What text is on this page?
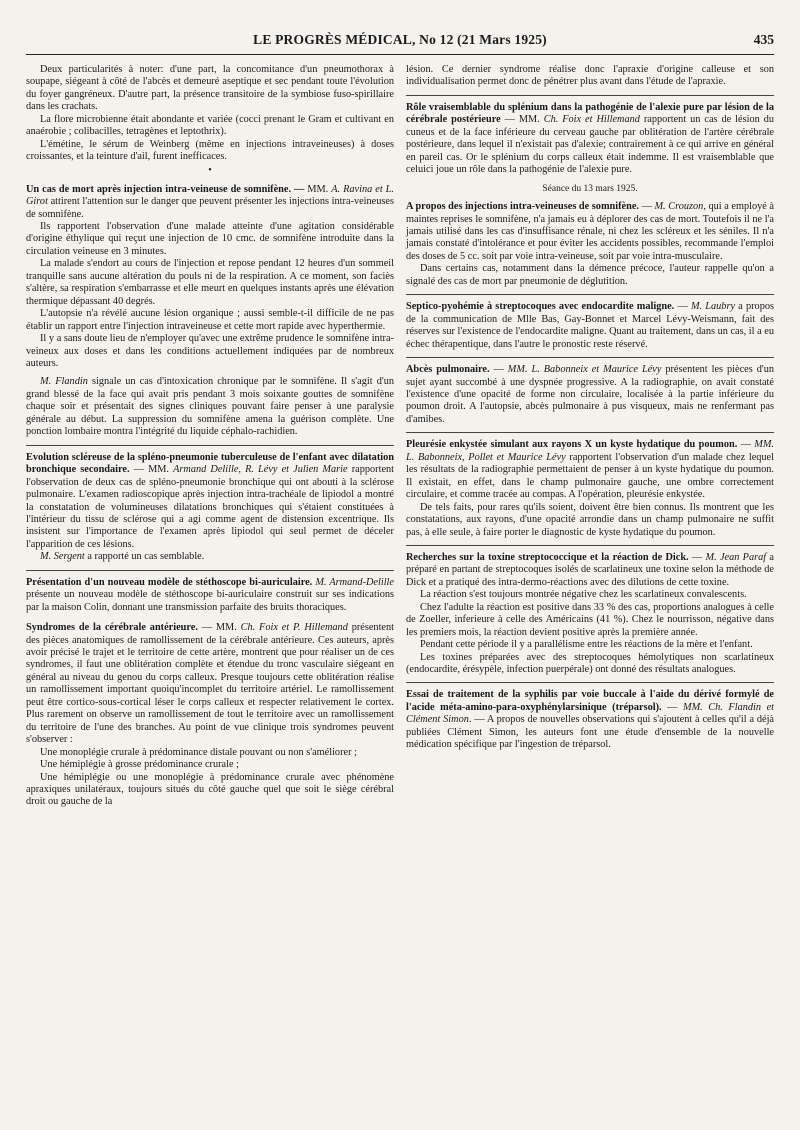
LE PROGRÈS MÉDICAL, No 12 (21 Mars 1925)	435

Deux particularités à noter: d'une part, la concomitance d'un pneumothorax à soupape, siégeant à côté de l'abcès et demeuré aseptique et sec pendant toute l'évolution du foyer gangréneux. D'autre part, la présence transitoire de la symbiose fuso-spirillaire dans les crachats.

La flore microbienne était abondante et variée (cocci prenant le Gram et cultivant en anaérobie ; colibacilles, tetragènes et leptothrix).

L'émétine, le sérum de Weinberg (même en injections intraveineuses) à doses croissantes, et la teinture d'ail, furent inefficaces.

•

Un cas de mort après injection intra-veineuse de somnifène. — MM. A. Ravina et L. Girot attirent l'attention sur le danger que peuvent présenter les injections intra-veineuses de somnifène.

Ils rapportent l'observation d'une malade atteinte d'une agitation considérable d'origine éthylique qui reçut une injection de 10 cmc. de somnifène introduite dans la circulation veineuse en 3 minutes.

La malade s'endort au cours de l'injection et repose pendant 12 heures d'un sommeil tranquille sans aucune altération du pouls ni de la respiration. A ce moment, son faciès s'altère, sa respiration s'embarrasse et elle meurt en quelques instants après une élévation thermique dépassant 40 degrés.

L'autopsie n'a révélé aucune lésion organique ; aussi semble-t-il difficile de ne pas établir un rapport entre l'injection intraveineuse et cette mort rapide avec hyperthermie.

Il y a sans doute lieu de n'employer qu'avec une extrême prudence le somnifène intra-veineux aux doses et dans les conditions actuellement indiquées par de nombreux auteurs.

M. Flandin signale un cas d'intoxication chronique par le somnifène. Il s'agit d'un grand blessé de la face qui avait pris pendant 3 mois soixante gouttes de somnifène chaque soir et présentait des signes cliniques pouvant faire penser à une paralysie générale au début. La suppression du somnifène amena la guérison complète. Une ponction lombaire montra l'intégrité du liquide céphalo-rachidien.

Evolution scléreuse de la spléno-pneumonie tuberculeuse de l'enfant avec dilatation bronchique secondaire. — MM. Armand Delille, R. Lévy et Julien Marie rapportent l'observation de deux cas de spléno-pneumonie bronchique qui ont abouti à la sclérose pulmonaire. L'examen radioscopique après injection intra-trachéale de lipiodol a montré la constatation de volumineuses dilatations bronchiques qui s'étaient constituées à l'intérieur du tissu de sclérose qui a agi comme agent de distension excentrique. Ils insistent sur l'importance de l'examen après lipiodol qui seul permet de déceler l'apparition de ces lésions.

M. Sergent a rapporté un cas semblable.

Présentation d'un nouveau modèle de stéthoscope bi-auriculaire. M. Armand-Delille présente un nouveau modèle de stéthoscope bi-auriculaire construit sur ses indications par la maison Colin, donnant une transmission parfaite des bruits thoraciques.

Syndromes de la cérébrale antérieure. — MM. Ch. Foix et P. Hillemand présentent des pièces anatomiques de ramollissement de la cérébrale antérieure. Ces auteurs, après avoir précisé le trajet et le territoire de cette artère, montrent que pour réaliser un de ces syndromes, il faut une oblitération complète et étendue du tronc vasculaire siégeant en général au niveau du genou du corps calleux. Presque toujours cette oblitération réalise un ramollissement important quoiqu'incomplet du territoire artériel. Le ramollissement peut être cortico-sous-cortical léser le corps calleux et respecter relativement le cortex. Plus rarement on observe un ramollissement de tout le territoire avec un ramollissement du territoire de l'une des branches. Au point de vue clinique trois syndromes peuvent s'observer :

Une monoplégie crurale à prédominance distale pouvant ou non s'améliorer ;

Une hémiplégie à grosse prédominance crurale ;

Une hémiplégie ou une monoplégie à prédominance crurale avec phénomène apraxiques unilatéraux, toujours situés du côté gauche quel que soit le siège cérébral droit ou gauche de la

lésion. Ce dernier syndrome réalise donc l'apraxie d'origine calleuse et son individualisation permet donc de pénétrer plus avant dans l'étude de l'apraxie.

Rôle vraisemblable du splénium dans la pathogénie de l'alexie pure par lésion de la cérébrale postérieure — MM. Ch. Foix et Hillemand rapportent un cas de lésion du cuneus et de la face inférieure du cerveau gauche par oblitération de l'artère cérébrale postérieure, dans lequel il n'existait pas d'alexie; contrairement à ce qui arrive en général en pareil cas. Or le splénium du corps calleux était indemme. Il est vraisemblable que celuici joue un rôle dans la pathogénie de l'alexie pure.

Séance du 13 mars 1925.

A propos des injections intra-veineuses de somnifène. — M. Crouzon, qui a employé à maintes reprises le somnifène, n'a jamais eu à déplorer des cas de mort. Toutefois il ne l'a jamais utilisé dans les cas d'insuffisance rénale, ni chez les scléreux et les séniles. Il n'a jamais constaté d'intolérance et pour éviter les accidents possibles, recommande l'emploi des doses de 5 cc. soit par voie intra-veineuse, soit par voie intra-musculaire.

Dans certains cas, notamment dans la démence précoce, l'auteur rappelle qu'on a signalé des cas de mort par pneumonie de déglutition.

Septico-pyohémie à streptocoques avec endocardite maligne. — M. Laubry a propos de la communication de Mlle Bas, Gay-Bonnet et Marcel Lévy-Weismann, fait des réserves sur l'existence de l'endocardite maligne. Quant au traitement, dans un cas, il a eu échec thérapentique, dans l'autre le pronostic reste réservé.

Abcès pulmonaire. — MM. L. Babonneix et Maurice Lévy présentent les pièces d'un sujet ayant succombé à une dyspnée progressive. A la radiographie, on avait constaté l'existence d'une opacité de forme non circulaire, localisée à la partie inférieure du poumon droit. A l'autopsie, abcès pulmonaire à pus visqueux, mais ne renfermant pas d'amibes.

Pleurésie enkystée simulant aux rayons X un kyste hydatique du poumon. — MM. L. Babonneix, Pollet et Maurice Lévy rapportent l'observation d'un malade chez lequel les résultats de la radiographie permettaient de penser à un kyste hydatique du poumon. Il existait, en effet, dans le champ pulmonaire gauche, une ombre correctement circulaire, et comme tracée au compas. A l'opération, pleurésie enkystée.

De tels faits, pour rares qu'ils soient, doivent être bien connus. Ils montrent que les constatations, aux rayons, d'une opacité arrondie dans un champ pulmonaire ne suffit pas, à elle seule, à faire porter le diagnostic de kyste hydatique du poumon.

Recherches sur la toxine streptococcique et la réaction de Dick. — M. Jean Paraf a préparé en partant de streptocoques isolés de scarlatineux une toxine selon la méthode de Dick et a pratiqué des intra-dermo-réactions avec des dilutions de cette toxine.

La réaction s'est toujours montrée négative chez les scarlatineux convalescents.

Chez l'adulte la réaction est positive dans 33 % des cas, proportions analogues à celle de Zoeller, inferieure à celle des Américains (41 %). Chez le nourrisson, négative dans les premiers mois, la réaction devient positive après la première année.

Pendant cette période il y a parallélisme entre les réactions de la mère et l'enfant.

Les toxines préparées avec des streptocoques hémolytiques non scarlatineux (endocardite, érésypèle, infection puerpérale) ont donné des résultats analogues.

Essai de traitement de la syphilis par voie buccale à l'aide du dérivé formylé de l'acide méta-amino-para-oxyphénylarsinique (tréparsol). — MM. Ch. Flandin et Clément Simon. — A propos de nouvelles observations qui s'ajoutent à celles qu'il a déjà publiées Clément Simon, les auteurs font une étude d'ensemble de la nouvelle médication spécifique par l'ingestion de tréparsol.
